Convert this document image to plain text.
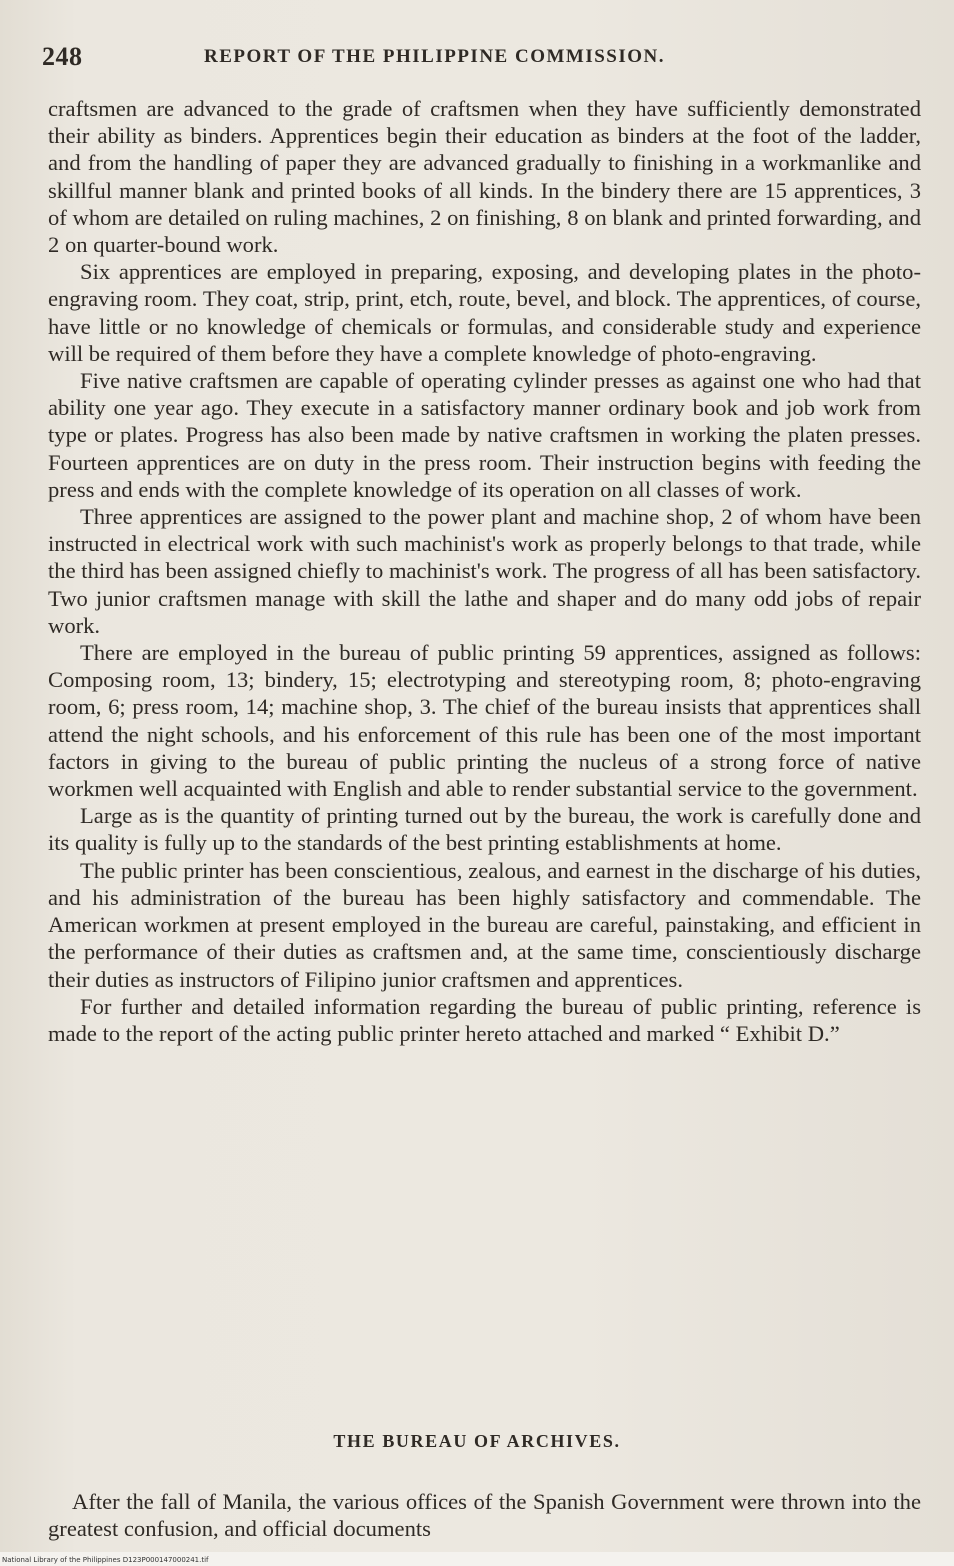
248	REPORT OF THE PHILIPPINE COMMISSION.

craftsmen are advanced to the grade of craftsmen when they have sufficiently demonstrated their ability as binders. Apprentices begin their education as binders at the foot of the ladder, and from the handling of paper they are advanced gradually to finishing in a workmanlike and skillful manner blank and printed books of all kinds. In the bindery there are 15 apprentices, 3 of whom are detailed on ruling machines, 2 on finishing, 8 on blank and printed forwarding, and 2 on quarter-bound work.

Six apprentices are employed in preparing, exposing, and developing plates in the photo-engraving room. They coat, strip, print, etch, route, bevel, and block. The apprentices, of course, have little or no knowledge of chemicals or formulas, and considerable study and experience will be required of them before they have a complete knowledge of photo-engraving.

Five native craftsmen are capable of operating cylinder presses as against one who had that ability one year ago. They execute in a satisfactory manner ordinary book and job work from type or plates. Progress has also been made by native craftsmen in working the platen presses. Fourteen apprentices are on duty in the press room. Their instruction begins with feeding the press and ends with the complete knowledge of its operation on all classes of work.

Three apprentices are assigned to the power plant and machine shop, 2 of whom have been instructed in electrical work with such machinist's work as properly belongs to that trade, while the third has been assigned chiefly to machinist's work. The progress of all has been satisfactory. Two junior craftsmen manage with skill the lathe and shaper and do many odd jobs of repair work.

There are employed in the bureau of public printing 59 apprentices, assigned as follows: Composing room, 13; bindery, 15; electrotyping and stereotyping room, 8; photo-engraving room, 6; press room, 14; machine shop, 3. The chief of the bureau insists that apprentices shall attend the night schools, and his enforcement of this rule has been one of the most important factors in giving to the bureau of public printing the nucleus of a strong force of native workmen well acquainted with English and able to render substantial service to the government.

Large as is the quantity of printing turned out by the bureau, the work is carefully done and its quality is fully up to the standards of the best printing establishments at home.

The public printer has been conscientious, zealous, and earnest in the discharge of his duties, and his administration of the bureau has been highly satisfactory and commendable. The American workmen at present employed in the bureau are careful, painstaking, and efficient in the performance of their duties as craftsmen and, at the same time, conscientiously discharge their duties as instructors of Filipino junior craftsmen and apprentices.

For further and detailed information regarding the bureau of public printing, reference is made to the report of the acting public printer hereto attached and marked “ Exhibit D.”

THE BUREAU OF ARCHIVES.

After the fall of Manila, the various offices of the Spanish Government were thrown into the greatest confusion, and official documents

National Library of the Philippines D123P000147000241.tif
